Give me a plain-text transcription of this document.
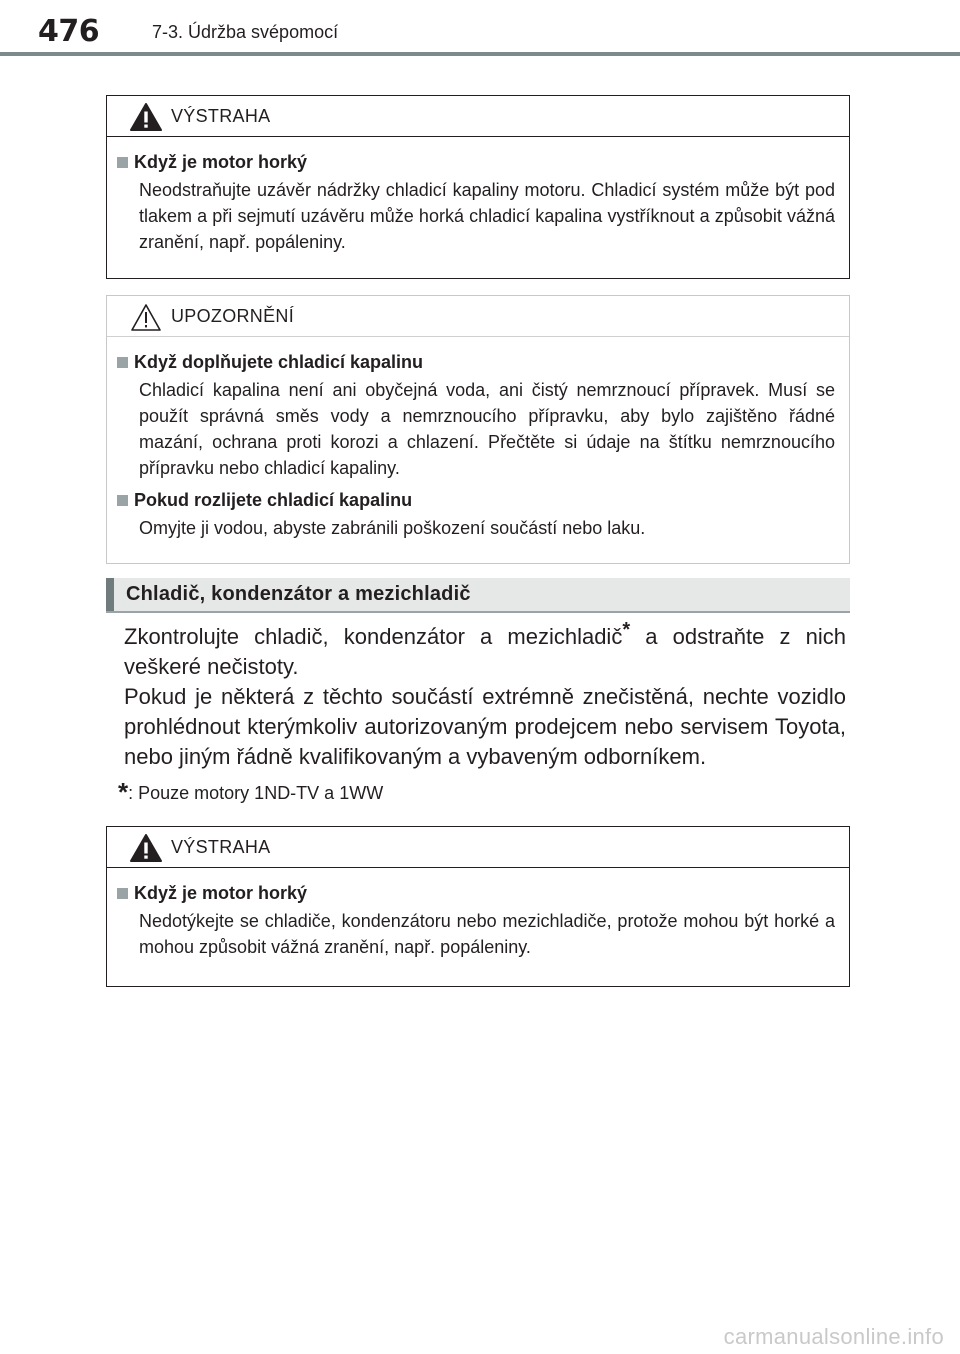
476	7-3. Údržba svépomocí
VÝSTRAHA
Když je motor horký
Neodstraňujte uzávěr nádržky chladicí kapaliny motoru. Chladicí systém může být pod tlakem a při sejmutí uzávěru může horká chladicí kapalina vystříknout a způsobit vážná zranění, např. popáleniny.
UPOZORNĚNÍ
Když doplňujete chladicí kapalinu
Chladicí kapalina není ani obyčejná voda, ani čistý nemrznoucí přípravek. Musí se použít správná směs vody a nemrznoucího přípravku, aby bylo zajištěno řádné mazání, ochrana proti korozi a chlazení. Přečtěte si údaje na štítku nemrznoucího přípravku nebo chladicí kapaliny.
Pokud rozlijete chladicí kapalinu
Omyjte ji vodou, abyste zabránili poškození součástí nebo laku.
Chladič, kondenzátor a mezichladič

Zkontrolujte chladič, kondenzátor a mezichladič* a odstraňte z nich veškeré nečistoty.

Pokud je některá z těchto součástí extrémně znečistěná, nechte vozidlo prohlédnout kterýmkoliv autorizovaným prodejcem nebo servisem Toyota, nebo jiným řádně kvalifikovaným a vybaveným odborníkem.

*: Pouze motory 1ND-TV a 1WW
VÝSTRAHA
Když je motor horký
Nedotýkejte se chladiče, kondenzátoru nebo mezichladiče, protože mohou být horké a mohou způsobit vážná zranění, např. popáleniny.
carmanualsonline.info
